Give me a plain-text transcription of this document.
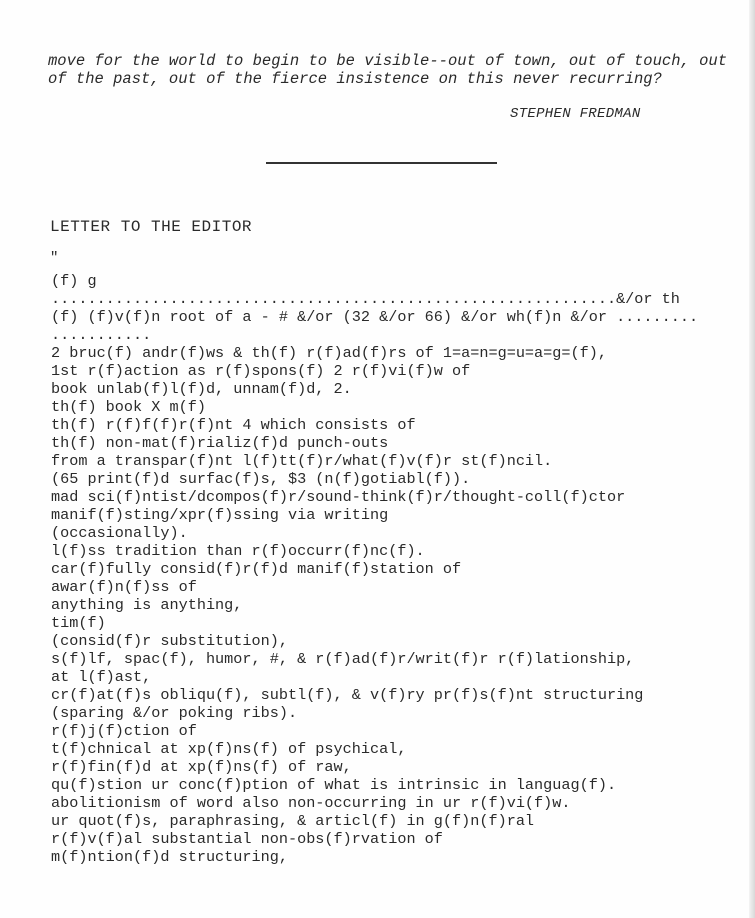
move for the world to begin to be visible--out of town, out of touch, out
of the past, out of the fierce insistence on this never recurring?
STEPHEN FREDMAN
LETTER TO THE EDITOR
"
(f) g
..............................................................&/or th
(f) (f)v(f)n root of a - # &/or (32 &/or 66) &/or wh(f)n &/or .........
...........
2 bruc(f) andr(f)ws & th(f) r(f)ad(f)rs of 1=a=n=g=u=a=g=(f),
1st r(f)action as r(f)spons(f) 2 r(f)vi(f)w of
book unlab(f)l(f)d, unnam(f)d, 2.
th(f) book X m(f)
th(f) r(f)f(f)r(f)nt 4 which consists of
th(f) non-mat(f)rializ(f)d punch-outs
from a transpar(f)nt l(f)tt(f)r/what(f)v(f)r st(f)ncil.
(65 print(f)d surfac(f)s, $3 (n(f)gotiabl(f)).
mad sci(f)ntist/dcompos(f)r/sound-think(f)r/thought-coll(f)ctor
manif(f)sting/xpr(f)ssing via writing
(occasionally).
l(f)ss tradition than r(f)occurr(f)nc(f).
car(f)fully consid(f)r(f)d manif(f)station of
awar(f)n(f)ss of
anything is anything,
tim(f)
(consid(f)r substitution),
s(f)lf, spac(f), humor, #, & r(f)ad(f)r/writ(f)r r(f)lationship,
at l(f)ast,
cr(f)at(f)s obliqu(f), subtl(f), & v(f)ry pr(f)s(f)nt structuring
(sparing &/or poking ribs).
r(f)j(f)ction of
t(f)chnical at xp(f)ns(f) of psychical,
r(f)fin(f)d at xp(f)ns(f) of raw,
qu(f)stion ur conc(f)ption of what is intrinsic in languag(f).
abolitionism of word also non-occurring in ur r(f)vi(f)w.
ur quot(f)s, paraphrasing, & articl(f) in g(f)n(f)ral
r(f)v(f)al substantial non-obs(f)rvation of
m(f)ntion(f)d structuring,
